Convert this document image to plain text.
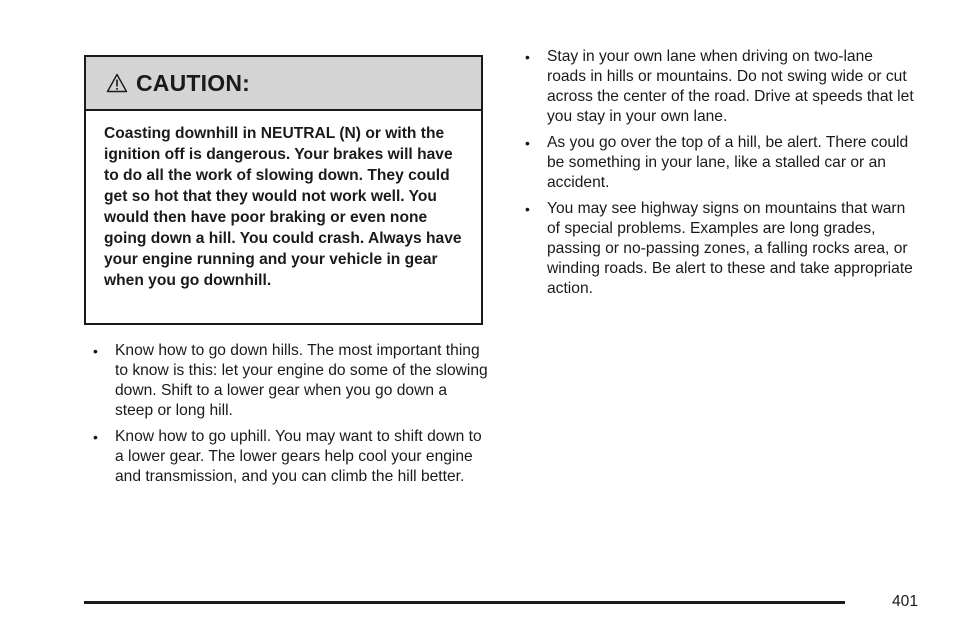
CAUTION:
Coasting downhill in NEUTRAL (N) or with the ignition off is dangerous. Your brakes will have to do all the work of slowing down. They could get so hot that they would not work well. You would then have poor braking or even none going down a hill. You could crash. Always have your engine running and your vehicle in gear when you go downhill.
• Know how to go down hills. The most important thing to know is this: let your engine do some of the slowing down. Shift to a lower gear when you go down a steep or long hill.
• Know how to go uphill. You may want to shift down to a lower gear. The lower gears help cool your engine and transmission, and you can climb the hill better.
• Stay in your own lane when driving on two-lane roads in hills or mountains. Do not swing wide or cut across the center of the road. Drive at speeds that let you stay in your own lane.
• As you go over the top of a hill, be alert. There could be something in your lane, like a stalled car or an accident.
• You may see highway signs on mountains that warn of special problems. Examples are long grades, passing or no-passing zones, a falling rocks area, or winding roads. Be alert to these and take appropriate action.
401
